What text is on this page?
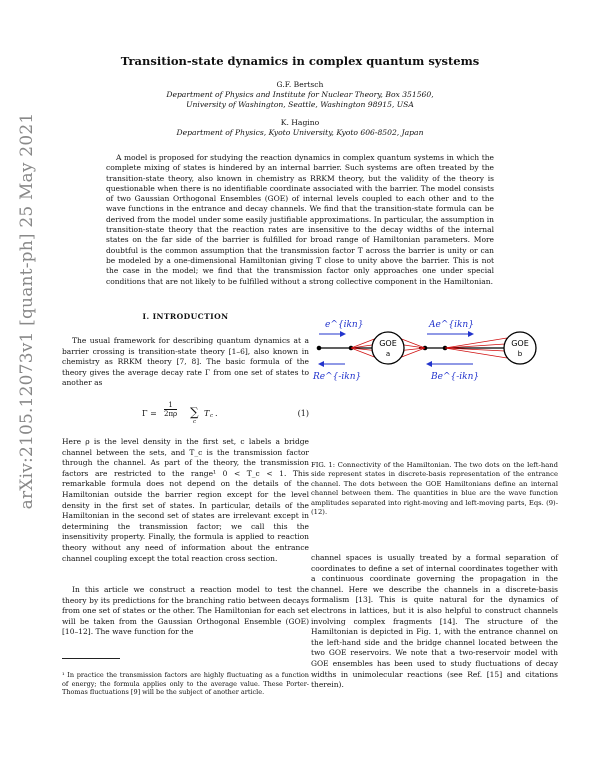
arXiv:2105.12073v1 [quant-ph] 25 May 2021
Transition-state dynamics in complex quantum systems
G.F. Bertsch
Department of Physics and Institute for Nuclear Theory, Box 351560,
University of Washington, Seattle, Washington 98915, USA
K. Hagino
Department of Physics, Kyoto University, Kyoto 606-8502, Japan
A model is proposed for studying the reaction dynamics in complex quantum systems in which the complete mixing of states is hindered by an internal barrier. Such systems are often treated by the transition-state theory, also known in chemistry as RRKM theory, but the validity of the theory is questionable when there is no identifiable coordinate associated with the barrier. The model consists of two Gaussian Orthogonal Ensembles (GOE) of internal levels coupled to each other and to the wave functions in the entrance and decay channels. We find that the transition-state formula can be derived from the model under some easily justifiable approximations. In particular, the assumption in transition-state theory that the reaction rates are insensitive to the decay widths of the internal states on the far side of the barrier is fulfilled for broad range of Hamiltonian parameters. More doubtful is the common assumption that the transmission factor T across the barrier is unity or can be modeled by a one-dimensional Hamiltonian giving T close to unity above the barrier. This is not the case in the model; we find that the transmission factor only approaches one under special conditions that are not likely to be fulfilled without a strong collective component in the Hamiltonian.
I. INTRODUCTION
The usual framework for describing quantum dynamics at a barrier crossing is transition-state theory [1–6], also known in chemistry as RRKM theory [7, 8]. The basic formula of the theory gives the average decay rate Γ from one set of states to another as
$\Gamma = \frac{1}{2\pi\rho}$ ∑
c
T c .	(1)
Here ρ is the level density in the first set, c labels a bridge channel between the sets, and T_c is the transmission factor through the channel. As part of the theory, the transmission factors are restricted to the range¹ 0 < T_c < 1. This remarkable formula does not depend on the details of the Hamiltonian outside the barrier region except for the level density in the first set of states. In particular, details of the Hamiltonian in the second set of states are irrelevant except in determining the transmission factor; we call this the insensitivity property. Finally, the formula is applied to reaction theory without any need of information about the entrance channel coupling except the total reaction cross section.
In this article we construct a reaction model to test the theory by its predictions for the branching ratio between decays from one set of states or the other. The Hamiltonian for each set will be taken from the Gaussian Orthogonal Ensemble (GOE) [10–12]. The wave function for the
¹ In practice the transmission factors are highly fluctuating as a function of energy; the formula applies only to the average value. These Porter-Thomas fluctuations [9] will be the subject of another article.
GOE
a
GOE
b
e^{ikn}	Ae^{ikn}
Re^{-ikn}	Be^{-ikn}
FIG. 1: Connectivity of the Hamiltonian. The two dots on the left-hand side represent states in discrete-basis representation of the entrance channel. The dots between the GOE Hamiltonians define an internal channel between them. The quantities in blue are the wave function amplitudes separated into right-moving and left-moving parts, Eqs. (9)-(12).
channel spaces is usually treated by a formal separation of coordinates to define a set of internal coordinates together with a continuous coordinate governing the propagation in the channel. Here we describe the channels in a discrete-basis formalism [13]. This is quite natural for the dynamics of electrons in lattices, but it is also helpful to construct channels involving complex fragments [14]. The structure of the Hamiltonian is depicted in Fig. 1, with the entrance channel on the left-hand side and the bridge channel located between the two GOE reservoirs. We note that a two-reservoir model with GOE ensembles has been used to study fluctuations of decay widths in unimolecular reactions (see Ref. [15] and citations therein).
